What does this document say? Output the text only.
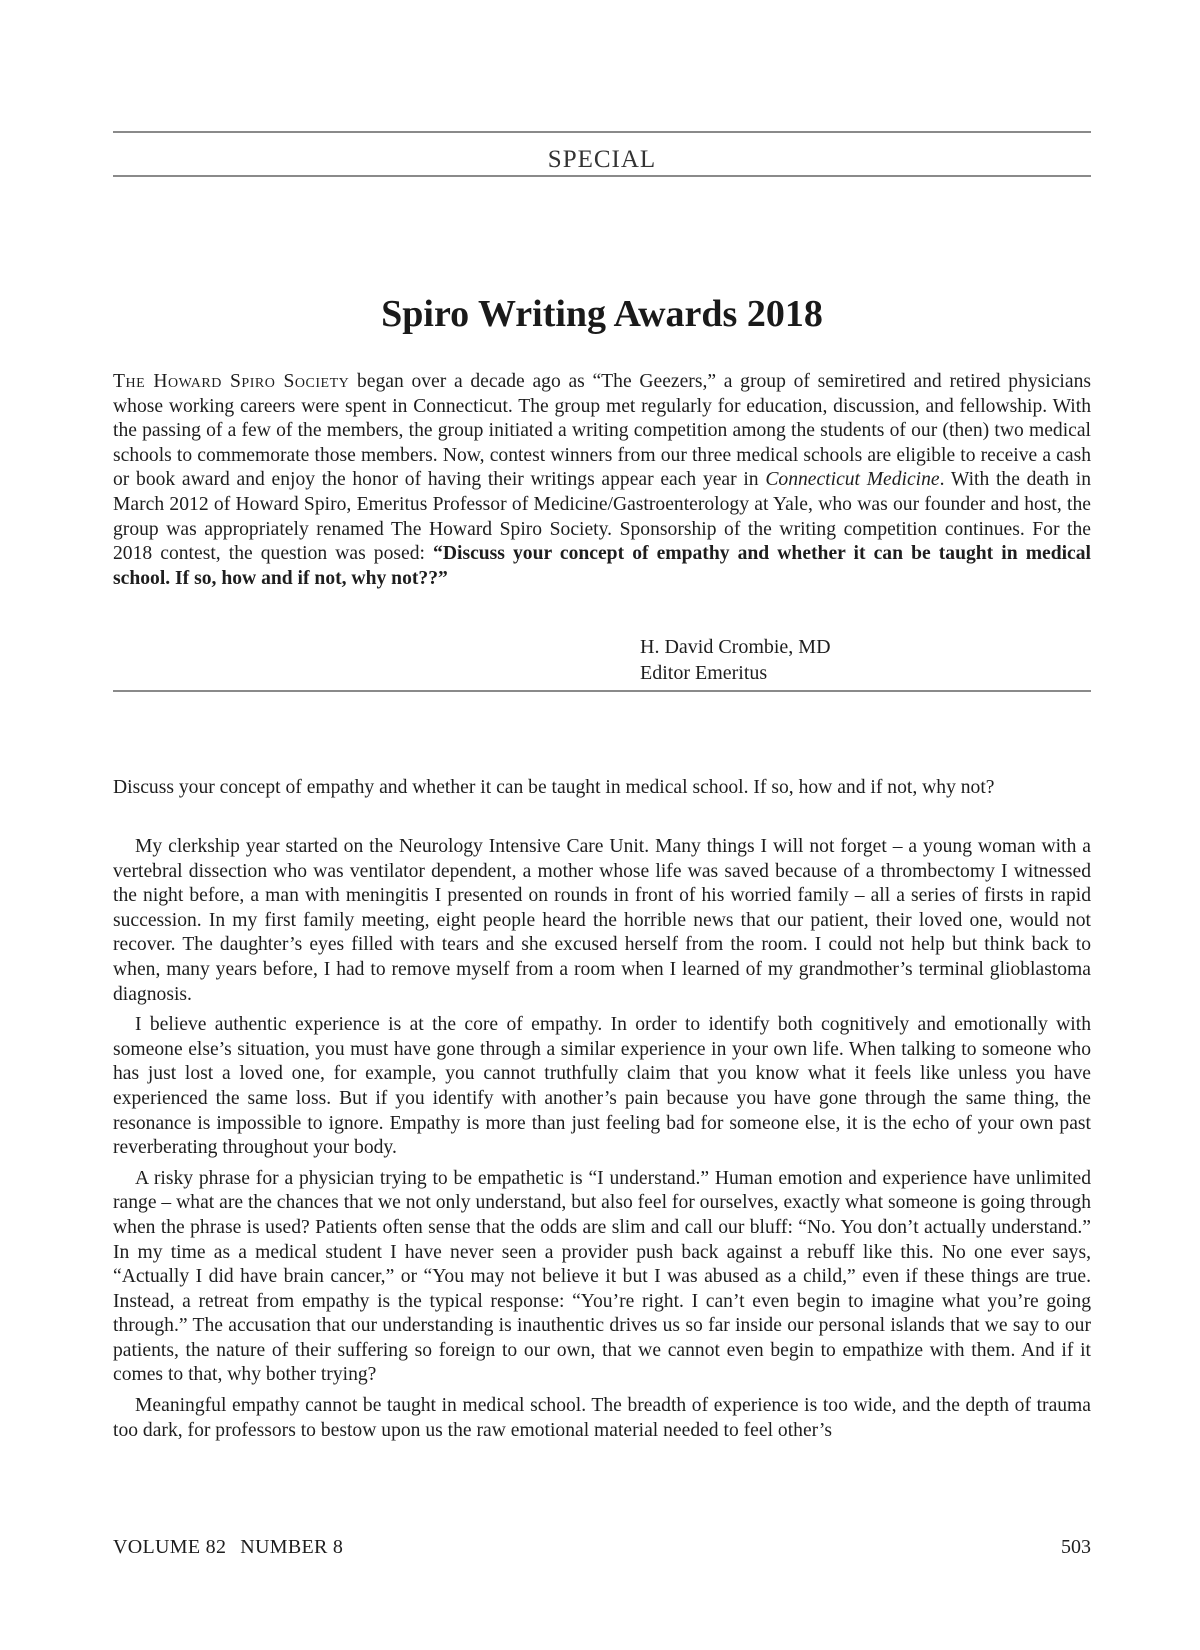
SPECIAL
Spiro Writing Awards 2018
The Howard Spiro Society began over a decade ago as “The Geezers,” a group of semiretired and retired physicians whose working careers were spent in Connecticut. The group met regularly for education, discussion, and fellowship. With the passing of a few of the members, the group initiated a writing competition among the students of our (then) two medical schools to commemorate those members. Now, contest winners from our three medical schools are eligible to receive a cash or book award and enjoy the honor of having their writings appear each year in Connecticut Medicine. With the death in March 2012 of Howard Spiro, Emeritus Professor of Medicine/Gastroenterology at Yale, who was our founder and host, the group was appropriately renamed The Howard Spiro Society. Sponsorship of the writing competition continues. For the 2018 contest, the question was posed: “Discuss your concept of empathy and whether it can be taught in medical school. If so, how and if not, why not??”
H. David Crombie, MD
Editor Emeritus
Discuss your concept of empathy and whether it can be taught in medical school. If so, how and if not, why not?

My clerkship year started on the Neurology Intensive Care Unit. Many things I will not forget – a young woman with a vertebral dissection who was ventilator dependent, a mother whose life was saved because of a thrombectomy I witnessed the night before, a man with meningitis I presented on rounds in front of his worried family – all a series of firsts in rapid succession. In my first family meeting, eight people heard the horrible news that our patient, their loved one, would not recover. The daughter’s eyes filled with tears and she excused herself from the room. I could not help but think back to when, many years before, I had to remove myself from a room when I learned of my grandmother’s terminal glioblastoma diagnosis.

I believe authentic experience is at the core of empathy. In order to identify both cognitively and emotionally with someone else’s situation, you must have gone through a similar experience in your own life. When talking to someone who has just lost a loved one, for example, you cannot truthfully claim that you know what it feels like unless you have experienced the same loss. But if you identify with another’s pain because you have gone through the same thing, the resonance is impossible to ignore. Empathy is more than just feeling bad for someone else, it is the echo of your own past reverberating throughout your body.

A risky phrase for a physician trying to be empathetic is “I understand.” Human emotion and experience have unlimited range – what are the chances that we not only understand, but also feel for ourselves, exactly what someone is going through when the phrase is used? Patients often sense that the odds are slim and call our bluff: “No. You don’t actually understand.” In my time as a medical student I have never seen a provider push back against a rebuff like this. No one ever says, “Actually I did have brain cancer,” or “You may not believe it but I was abused as a child,” even if these things are true. Instead, a retreat from empathy is the typical response: “You’re right. I can’t even begin to imagine what you’re going through.” The accusation that our understanding is inauthentic drives us so far inside our personal islands that we say to our patients, the nature of their suffering so foreign to our own, that we cannot even begin to empathize with them. And if it comes to that, why bother trying?

Meaningful empathy cannot be taught in medical school. The breadth of experience is too wide, and the depth of trauma too dark, for professors to bestow upon us the raw emotional material needed to feel other’s

VOLUME 82 NUMBER 8	503
